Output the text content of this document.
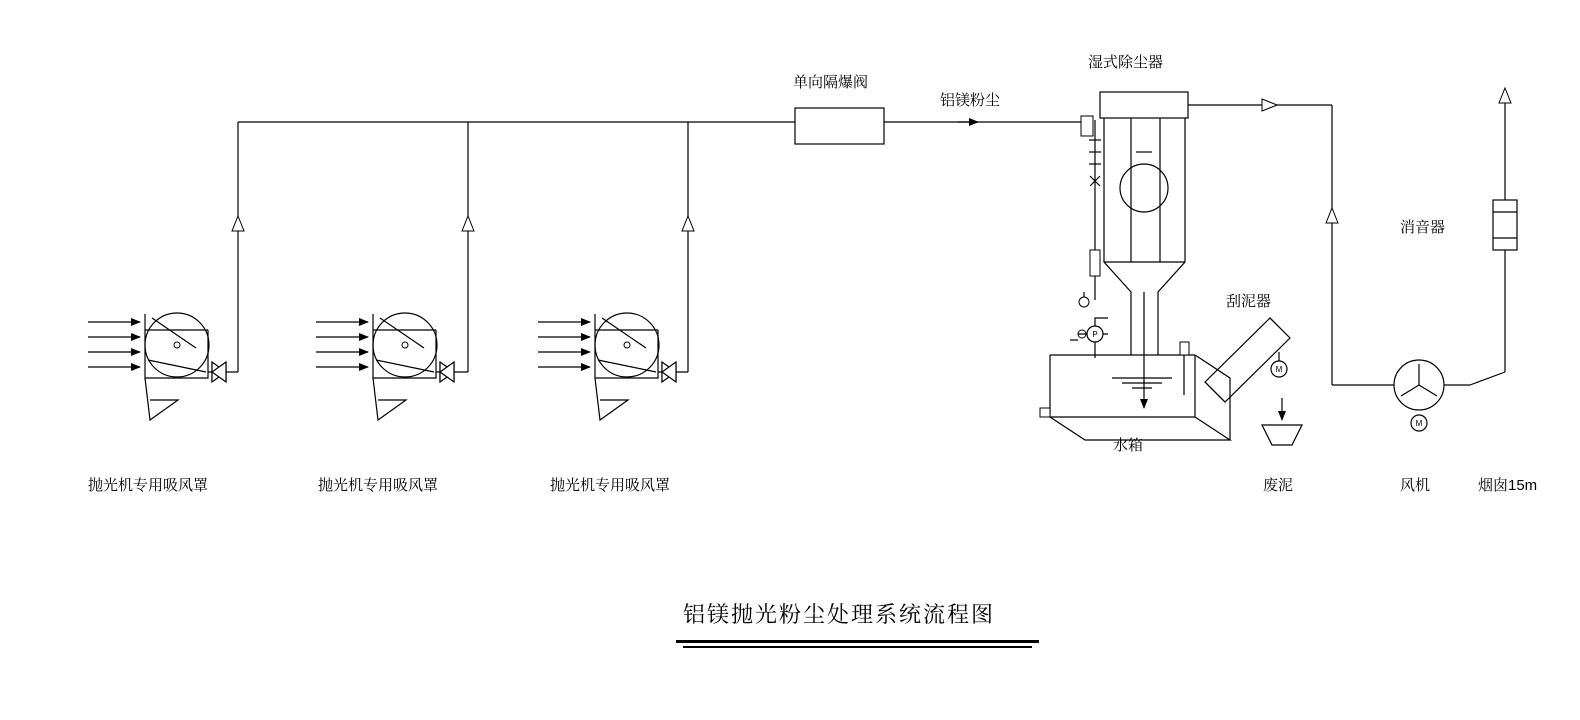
M
M
P
抛光机专用吸风罩	抛光机专用吸风罩	抛光机专用吸风罩
单向隔爆阀
铝镁粉尘
湿式除尘器
刮泥器
水箱
废泥
消音器
风机	烟囱15m
铝镁抛光粉尘处理系统流程图
